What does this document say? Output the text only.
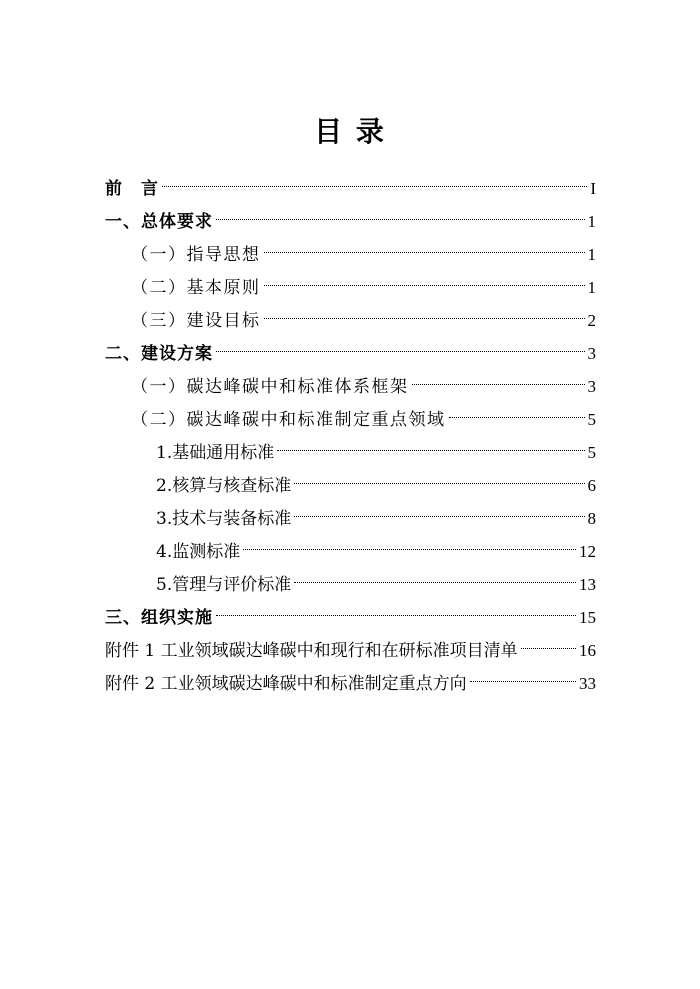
目 录
前　言	I
一、总体要求	1
（一）指导思想	1
（二）基本原则	1
（三）建设目标	2
二、建设方案	3
（一）碳达峰碳中和标准体系框架	3
（二）碳达峰碳中和标准制定重点领域	5
1.基础通用标准	5
2.核算与核查标准	6
3.技术与装备标准	8
4.监测标准	12
5.管理与评价标准	13
三、组织实施	15
附件 1 工业领域碳达峰碳中和现行和在研标准项目清单	16
附件 2 工业领域碳达峰碳中和标准制定重点方向	33
